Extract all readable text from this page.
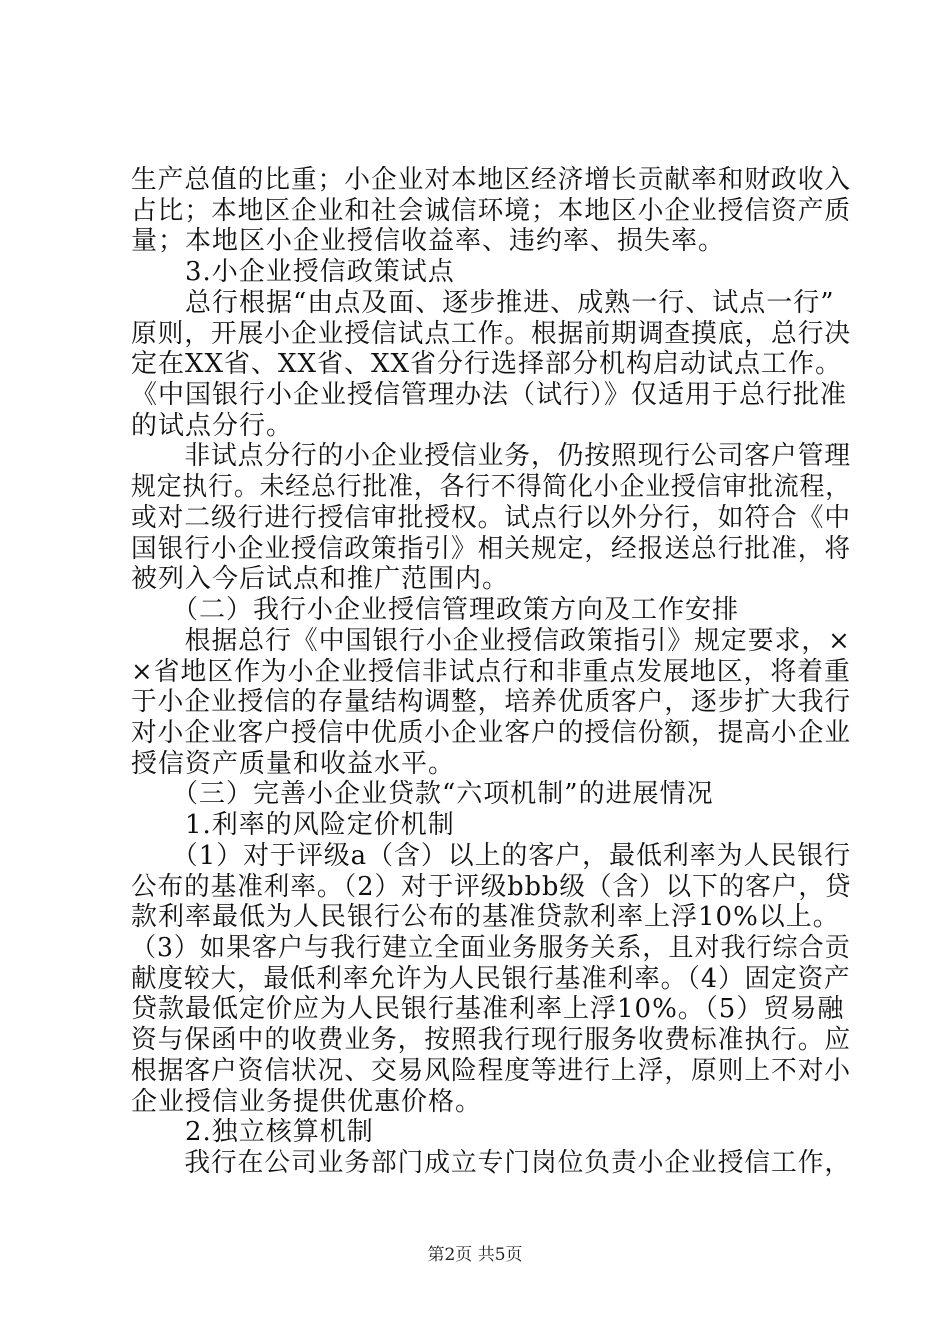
生产总值的比重；小企业对本地区经济增长贡献率和财政收入
占比；本地区企业和社会诚信环境；本地区小企业授信资产质
量；本地区小企业授信收益率、违约率、损失率。
　　3.小企业授信政策试点
　　总行根据“由点及面、逐步推进、成熟一行、试点一行”
原则，开展小企业授信试点工作。根据前期调查摸底，总行决
定在XX省、XX省、XX省分行选择部分机构启动试点工作。
《中国银行小企业授信管理办法（试行）》仅适用于总行批准
的试点分行。
　　非试点分行的小企业授信业务，仍按照现行公司客户管理
规定执行。未经总行批准，各行不得简化小企业授信审批流程，
或对二级行进行授信审批授权。试点行以外分行，如符合《中
国银行小企业授信政策指引》相关规定，经报送总行批准，将
被列入今后试点和推广范围内。
　　（二）我行小企业授信管理政策方向及工作安排
　　根据总行《中国银行小企业授信政策指引》规定要求，×
×省地区作为小企业授信非试点行和非重点发展地区，将着重
于小企业授信的存量结构调整，培养优质客户，逐步扩大我行
对小企业客户授信中优质小企业客户的授信份额，提高小企业
授信资产质量和收益水平。
　　（三）完善小企业贷款“六项机制”的进展情况
　　1.利率的风险定价机制
　　（1）对于评级a（含）以上的客户，最低利率为人民银行
公布的基准利率。（2）对于评级bbb级（含）以下的客户，贷
款利率最低为人民银行公布的基准贷款利率上浮10%以上。
（3）如果客户与我行建立全面业务服务关系，且对我行综合贡
献度较大，最低利率允许为人民银行基准利率。（4）固定资产
贷款最低定价应为人民银行基准利率上浮10%。（5）贸易融
资与保函中的收费业务，按照我行现行服务收费标准执行。应
根据客户资信状况、交易风险程度等进行上浮，原则上不对小
企业授信业务提供优惠价格。
　　2.独立核算机制
　　我行在公司业务部门成立专门岗位负责小企业授信工作，
第2页 共5页
